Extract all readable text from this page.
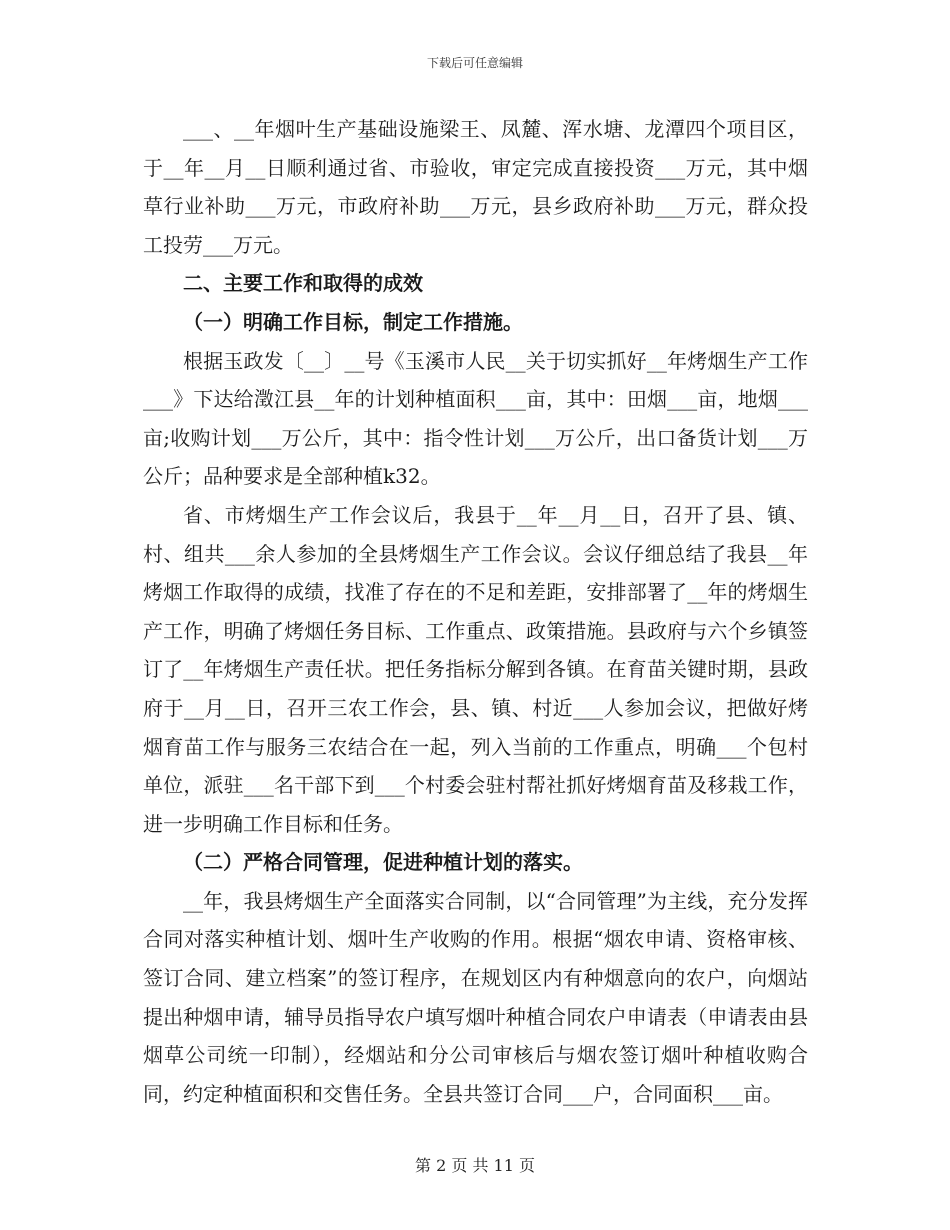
下载后可任意编辑

___、__年烟叶生产基础设施梁王、凤麓、浑水塘、龙潭四个项目区，于__年__月__日顺利通过省、市验收，审定完成直接投资___万元，其中烟草行业补助___万元，市政府补助___万元，县乡政府补助___万元，群众投工投劳___万元。

二、主要工作和取得的成效

（一）明确工作目标，制定工作措施。

根据玉政发〔__〕__号《玉溪市人民__关于切实抓好__年烤烟生产工作___》下达给澂江县__年的计划种植面积___亩，其中：田烟___亩，地烟___亩;收购计划___万公斤，其中：指令性计划___万公斤，出口备货计划___万公斤；品种要求是全部种植k32。

省、市烤烟生产工作会议后，我县于__年__月__日，召开了县、镇、村、组共___余人参加的全县烤烟生产工作会议。会议仔细总结了我县__年烤烟工作取得的成绩，找准了存在的不足和差距，安排部署了__年的烤烟生产工作，明确了烤烟任务目标、工作重点、政策措施。县政府与六个乡镇签订了__年烤烟生产责任状。把任务指标分解到各镇。在育苗关键时期，县政府于__月__日，召开三农工作会，县、镇、村近___人参加会议，把做好烤烟育苗工作与服务三农结合在一起，列入当前的工作重点，明确___个包村单位，派驻___名干部下到___个村委会驻村帮社抓好烤烟育苗及移栽工作，进一步明确工作目标和任务。

（二）严格合同管理，促进种植计划的落实。

__年，我县烤烟生产全面落实合同制，以“合同管理”为主线，充分发挥合同对落实种植计划、烟叶生产收购的作用。根据“烟农申请、资格审核、签订合同、建立档案”的签订程序，在规划区内有种烟意向的农户，向烟站提出种烟申请，辅导员指导农户填写烟叶种植合同农户申请表（申请表由县烟草公司统一印制），经烟站和分公司审核后与烟农签订烟叶种植收购合同，约定种植面积和交售任务。全县共签订合同___户，合同面积___亩。

第 2 页 共 11 页
